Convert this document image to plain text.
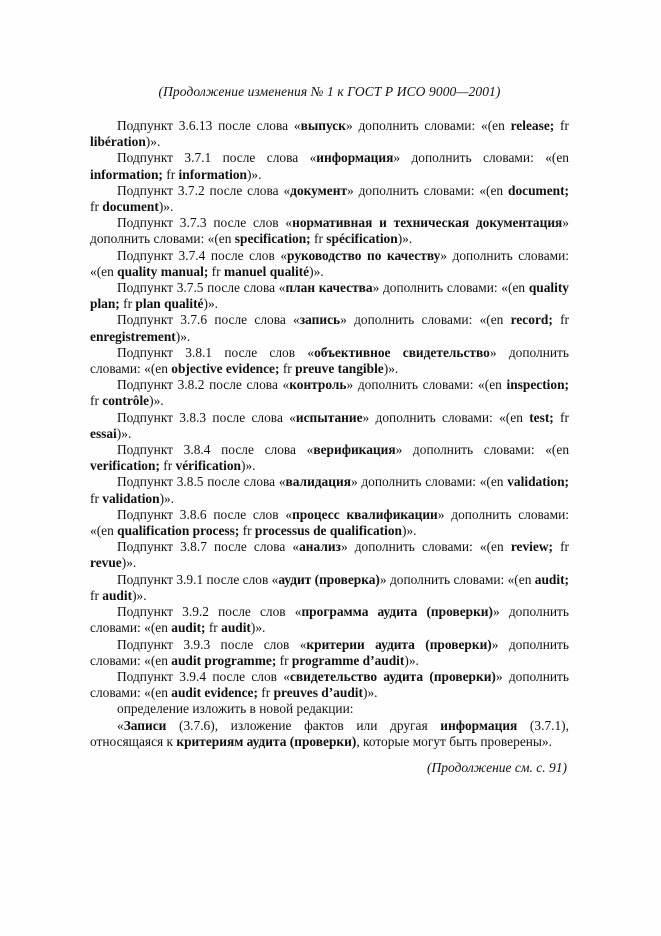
(Продолжение изменения № 1 к ГОСТ Р ИСО 9000—2001)

Подпункт 3.6.13 после слова «выпуск» дополнить словами: «(en release; fr libération)».

Подпункт 3.7.1 после слова «информация» дополнить словами: «(en information; fr information)».

Подпункт 3.7.2 после слова «документ» дополнить словами: «(en document; fr document)».

Подпункт 3.7.3 после слов «нормативная и техническая документация» дополнить словами: «(en specification; fr spécification)».

Подпункт 3.7.4 после слов «руководство по качеству» дополнить словами: «(en quality manual; fr manuel qualité)».

Подпункт 3.7.5 после слова «план качества» дополнить словами: «(en quality plan; fr plan qualité)».

Подпункт 3.7.6 после слова «запись» дополнить словами: «(en record; fr enregistrement)».

Подпункт 3.8.1 после слов «объективное свидетельство» дополнить словами: «(en objective evidence; fr preuve tangible)».

Подпункт 3.8.2 после слова «контроль» дополнить словами: «(en inspection; fr contrôle)».

Подпункт 3.8.3 после слова «испытание» дополнить словами: «(en test; fr essai)».

Подпункт 3.8.4 после слова «верификация» дополнить словами: «(en verification; fr vérification)».

Подпункт 3.8.5 после слова «валидация» дополнить словами: «(en validation; fr validation)».

Подпункт 3.8.6 после слов «процесс квалификации» дополнить словами: «(en qualification process; fr processus de qualification)».

Подпункт 3.8.7 после слова «анализ» дополнить словами: «(en review; fr revue)».

Подпункт 3.9.1 после слов «аудит (проверка)» дополнить словами: «(en audit; fr audit)».

Подпункт 3.9.2 после слов «программа аудита (проверки)» дополнить словами: «(en audit; fr audit)».

Подпункт 3.9.3 после слов «критерии аудита (проверки)» дополнить словами: «(en audit programme; fr programme d’audit)».

Подпункт 3.9.4 после слов «свидетельство аудита (проверки)» дополнить словами: «(en audit evidence; fr preuves d’audit)».

определение изложить в новой редакции:

«Записи (3.7.6), изложение фактов или другая информация (3.7.1), относящаяся к критериям аудита (проверки), которые могут быть проверены».

(Продолжение см. с. 91)
